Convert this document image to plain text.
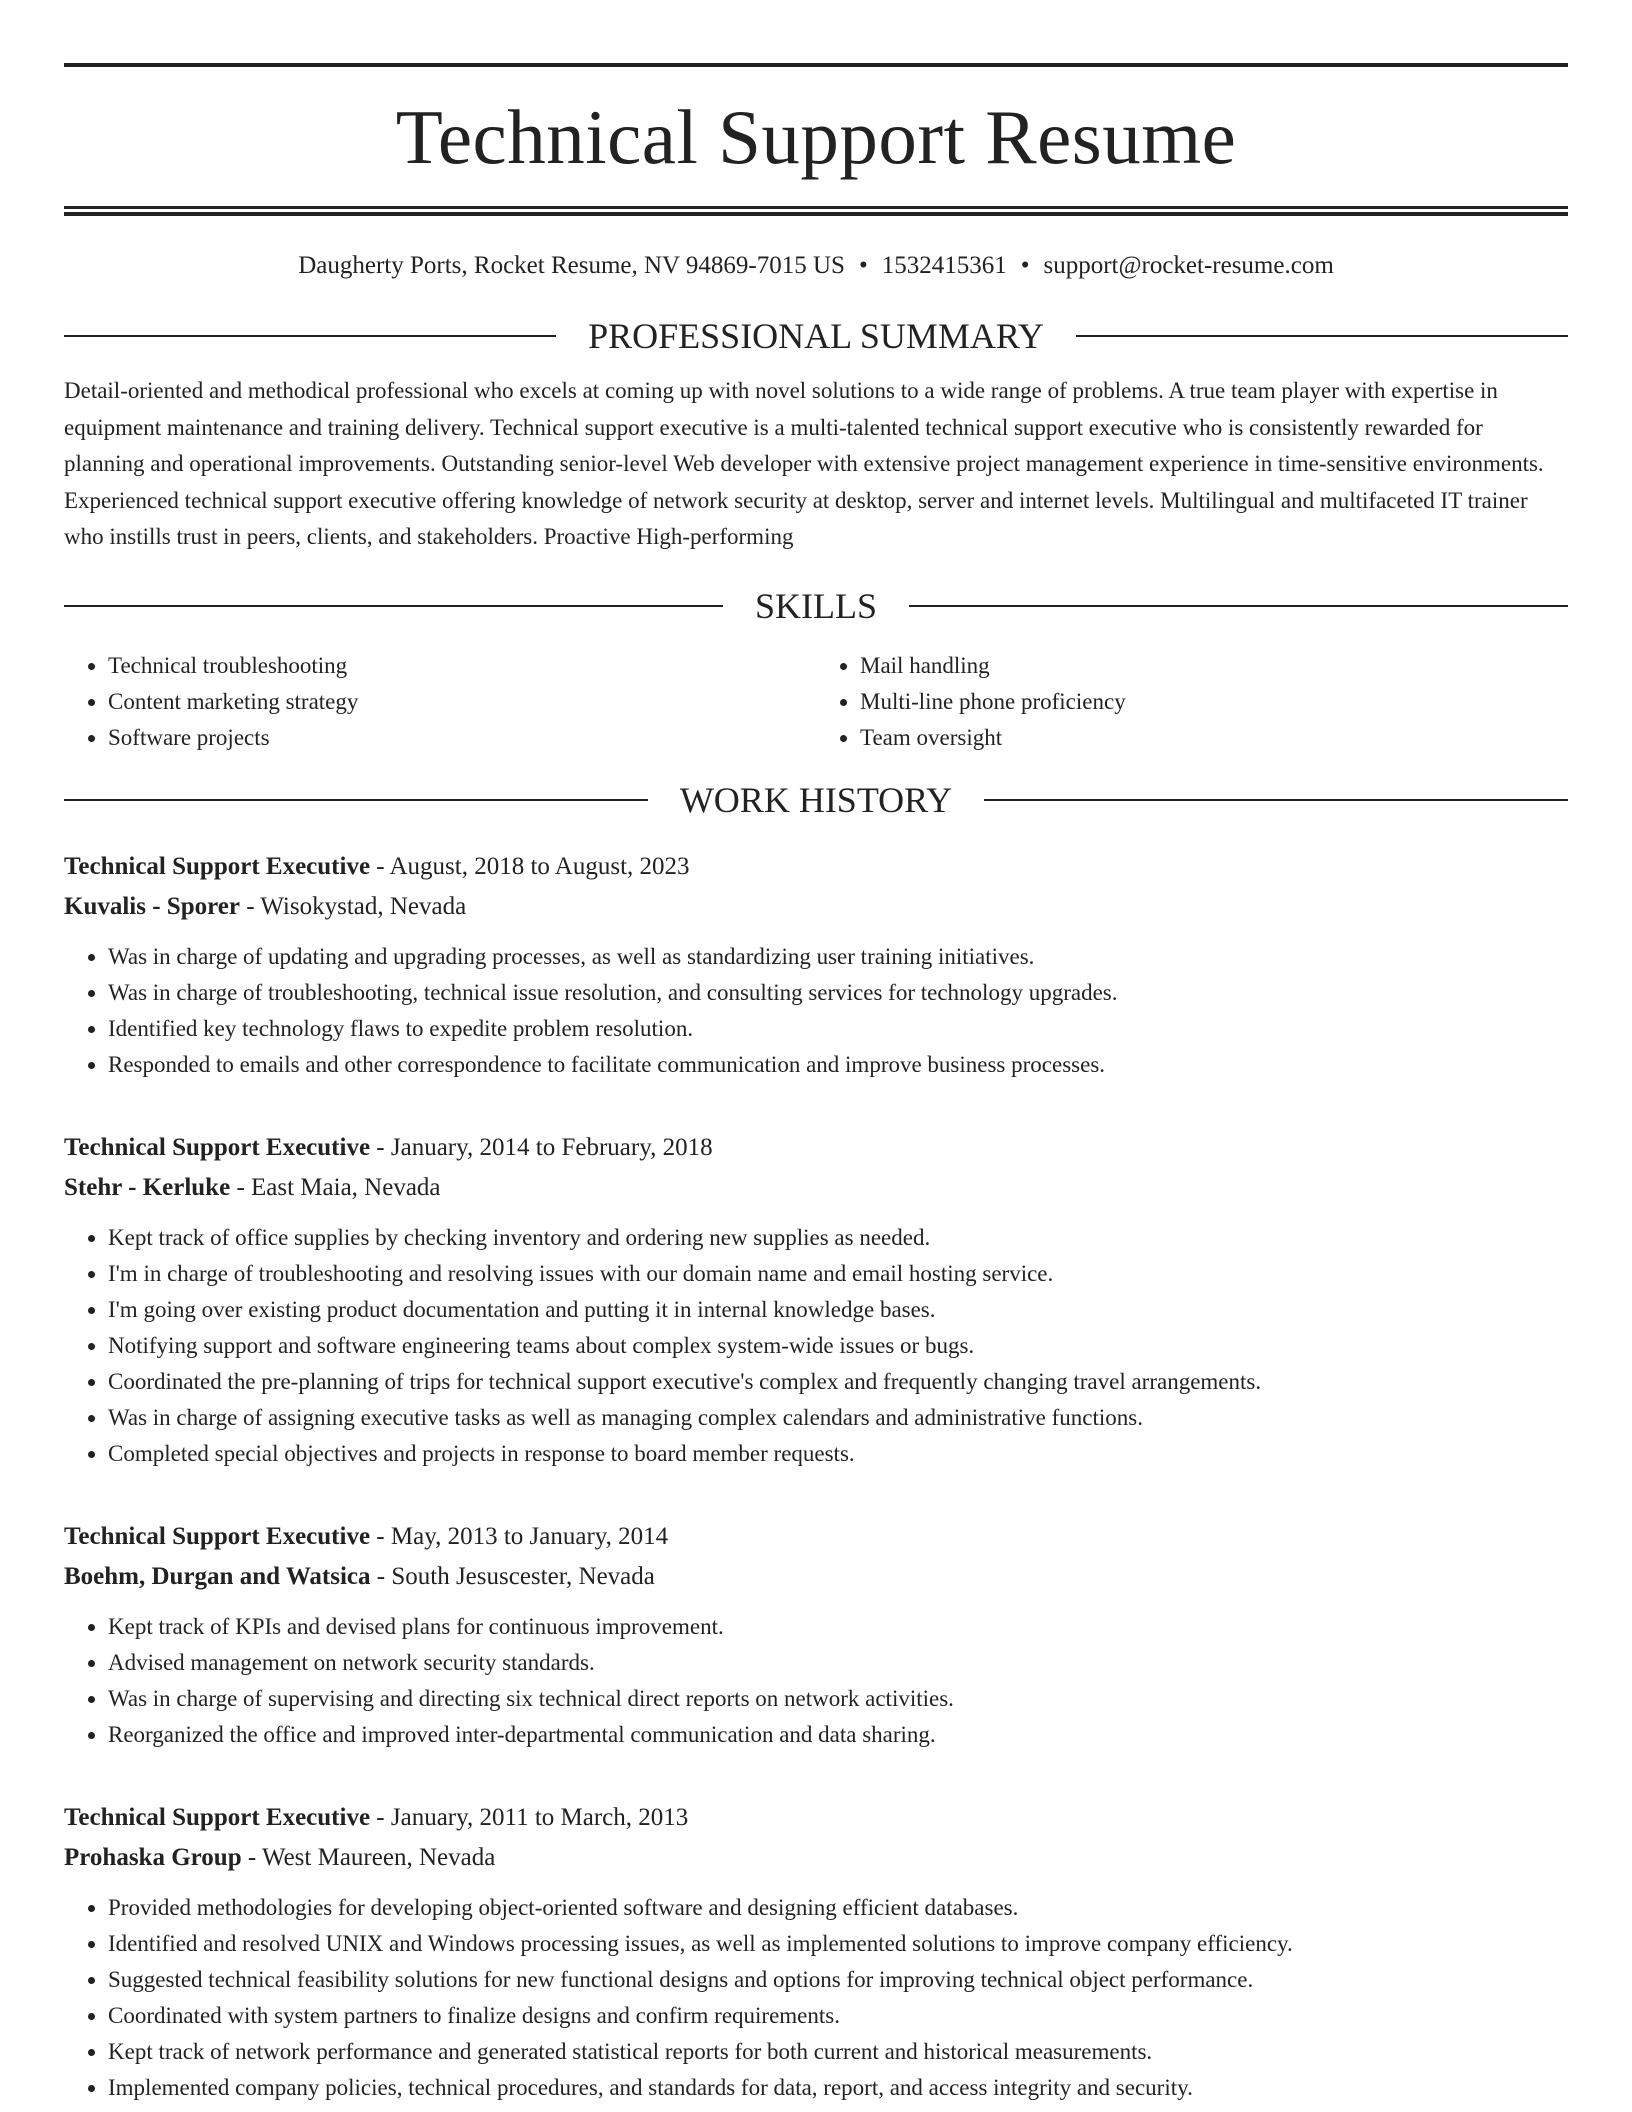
Technical Support Resume
Daugherty Ports, Rocket Resume, NV 94869-7015 US • 1532415361 • support@rocket-resume.com
PROFESSIONAL SUMMARY
Detail-oriented and methodical professional who excels at coming up with novel solutions to a wide range of problems. A true team player with expertise in equipment maintenance and training delivery. Technical support executive is a multi-talented technical support executive who is consistently rewarded for planning and operational improvements. Outstanding senior-level Web developer with extensive project management experience in time-sensitive environments. Experienced technical support executive offering knowledge of network security at desktop, server and internet levels. Multilingual and multifaceted IT trainer who instills trust in peers, clients, and stakeholders. Proactive High-performing
SKILLS
• Technical troubleshooting
• Content marketing strategy
• Software projects
• Mail handling
• Multi-line phone proficiency
• Team oversight
WORK HISTORY
Technical Support Executive - August, 2018 to August, 2023
Kuvalis - Sporer - Wisokystad, Nevada
• Was in charge of updating and upgrading processes, as well as standardizing user training initiatives.
• Was in charge of troubleshooting, technical issue resolution, and consulting services for technology upgrades.
• Identified key technology flaws to expedite problem resolution.
• Responded to emails and other correspondence to facilitate communication and improve business processes.
Technical Support Executive - January, 2014 to February, 2018
Stehr - Kerluke - East Maia, Nevada
• Kept track of office supplies by checking inventory and ordering new supplies as needed.
• I'm in charge of troubleshooting and resolving issues with our domain name and email hosting service.
• I'm going over existing product documentation and putting it in internal knowledge bases.
• Notifying support and software engineering teams about complex system-wide issues or bugs.
• Coordinated the pre-planning of trips for technical support executive's complex and frequently changing travel arrangements.
• Was in charge of assigning executive tasks as well as managing complex calendars and administrative functions.
• Completed special objectives and projects in response to board member requests.
Technical Support Executive - May, 2013 to January, 2014
Boehm, Durgan and Watsica - South Jesuscester, Nevada
• Kept track of KPIs and devised plans for continuous improvement.
• Advised management on network security standards.
• Was in charge of supervising and directing six technical direct reports on network activities.
• Reorganized the office and improved inter-departmental communication and data sharing.
Technical Support Executive - January, 2011 to March, 2013
Prohaska Group - West Maureen, Nevada
• Provided methodologies for developing object-oriented software and designing efficient databases.
• Identified and resolved UNIX and Windows processing issues, as well as implemented solutions to improve company efficiency.
• Suggested technical feasibility solutions for new functional designs and options for improving technical object performance.
• Coordinated with system partners to finalize designs and confirm requirements.
• Kept track of network performance and generated statistical reports for both current and historical measurements.
• Implemented company policies, technical procedures, and standards for data, report, and access integrity and security.
